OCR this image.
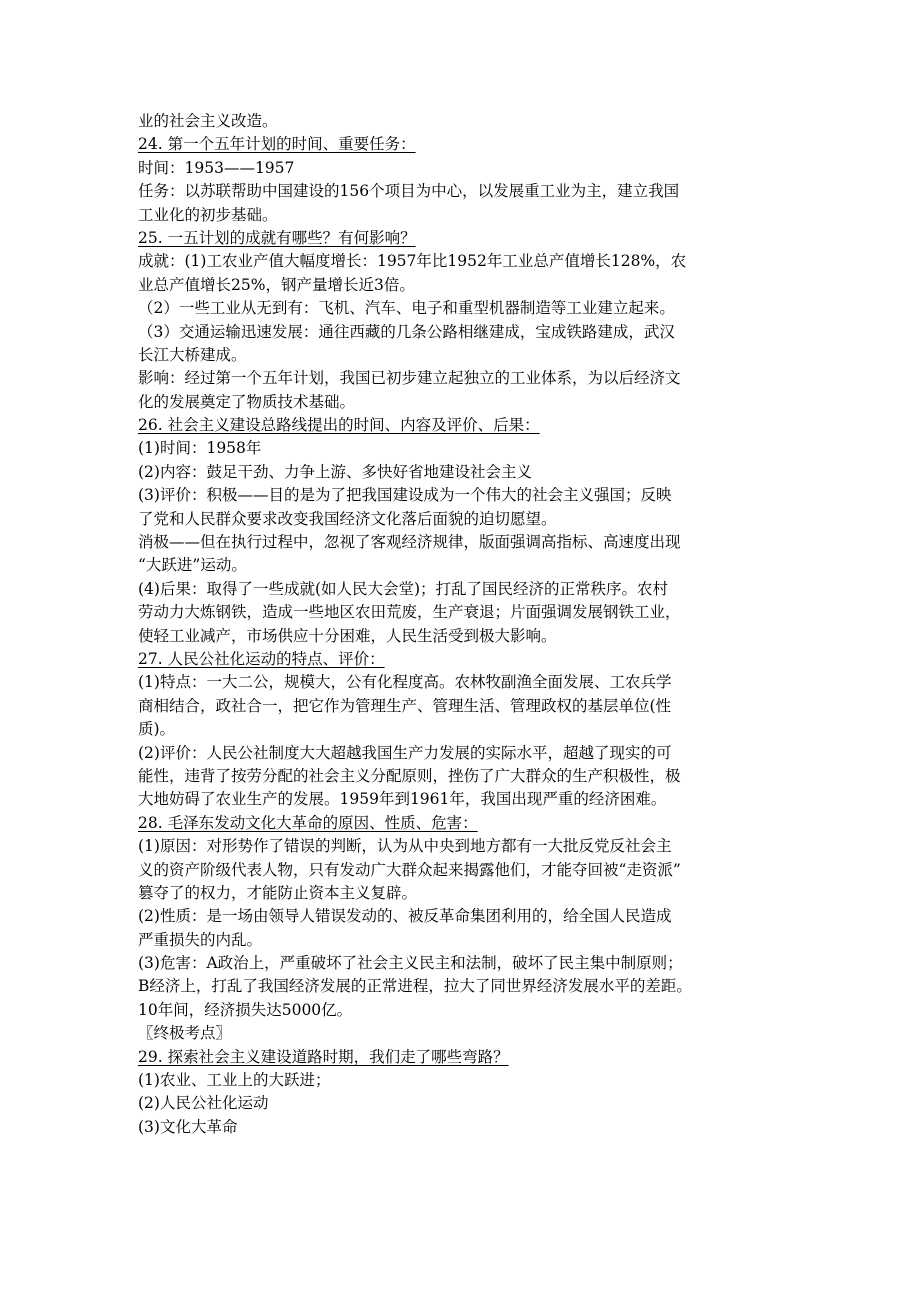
业的社会主义改造。
24. 第一个五年计划的时间、重要任务：
时间：1953——1957
任务：以苏联帮助中国建设的156个项目为中心，以发展重工业为主，建立我国
工业化的初步基础。
25. 一五计划的成就有哪些？有何影响？
成就：(1)工农业产值大幅度增长：1957年比1952年工业总产值增长128%，农
业总产值增长25%，钢产量增长近3倍。
（2）一些工业从无到有：飞机、汽车、电子和重型机器制造等工业建立起来。
（3）交通运输迅速发展：通往西藏的几条公路相继建成，宝成铁路建成，武汉
长江大桥建成。
影响：经过第一个五年计划，我国已初步建立起独立的工业体系，为以后经济文
化的发展奠定了物质技术基础。
26. 社会主义建设总路线提出的时间、内容及评价、后果：
(1)时间：1958年
(2)内容：鼓足干劲、力争上游、多快好省地建设社会主义
(3)评价：积极——目的是为了把我国建设成为一个伟大的社会主义强国；反映
了党和人民群众要求改变我国经济文化落后面貌的迫切愿望。
消极——但在执行过程中，忽视了客观经济规律，版面强调高指标、高速度出现
“大跃进”运动。
(4)后果：取得了一些成就(如人民大会堂)；打乱了国民经济的正常秩序。农村
劳动力大炼钢铁，造成一些地区农田荒废，生产衰退；片面强调发展钢铁工业，
使轻工业减产，市场供应十分困难，人民生活受到极大影响。
27. 人民公社化运动的特点、评价：
(1)特点：一大二公，规模大，公有化程度高。农林牧副渔全面发展、工农兵学
商相结合，政社合一，把它作为管理生产、管理生活、管理政权的基层单位(性
质)。
(2)评价：人民公社制度大大超越我国生产力发展的实际水平，超越了现实的可
能性，违背了按劳分配的社会主义分配原则，挫伤了广大群众的生产积极性，极
大地妨碍了农业生产的发展。1959年到1961年，我国出现严重的经济困难。
28. 毛泽东发动文化大革命的原因、性质、危害：
(1)原因：对形势作了错误的判断，认为从中央到地方都有一大批反党反社会主
义的资产阶级代表人物，只有发动广大群众起来揭露他们，才能夺回被“走资派”
篡夺了的权力，才能防止资本主义复辟。
(2)性质：是一场由领导人错误发动的、被反革命集团利用的，给全国人民造成
严重损失的内乱。
(3)危害：A政治上，严重破坏了社会主义民主和法制，破坏了民主集中制原则；
B经济上，打乱了我国经济发展的正常进程，拉大了同世界经济发展水平的差距。
10年间，经济损失达5000亿。
〖终极考点〗
29. 探索社会主义建设道路时期，我们走了哪些弯路？
(1)农业、工业上的大跃进；
(2)人民公社化运动
(3)文化大革命
